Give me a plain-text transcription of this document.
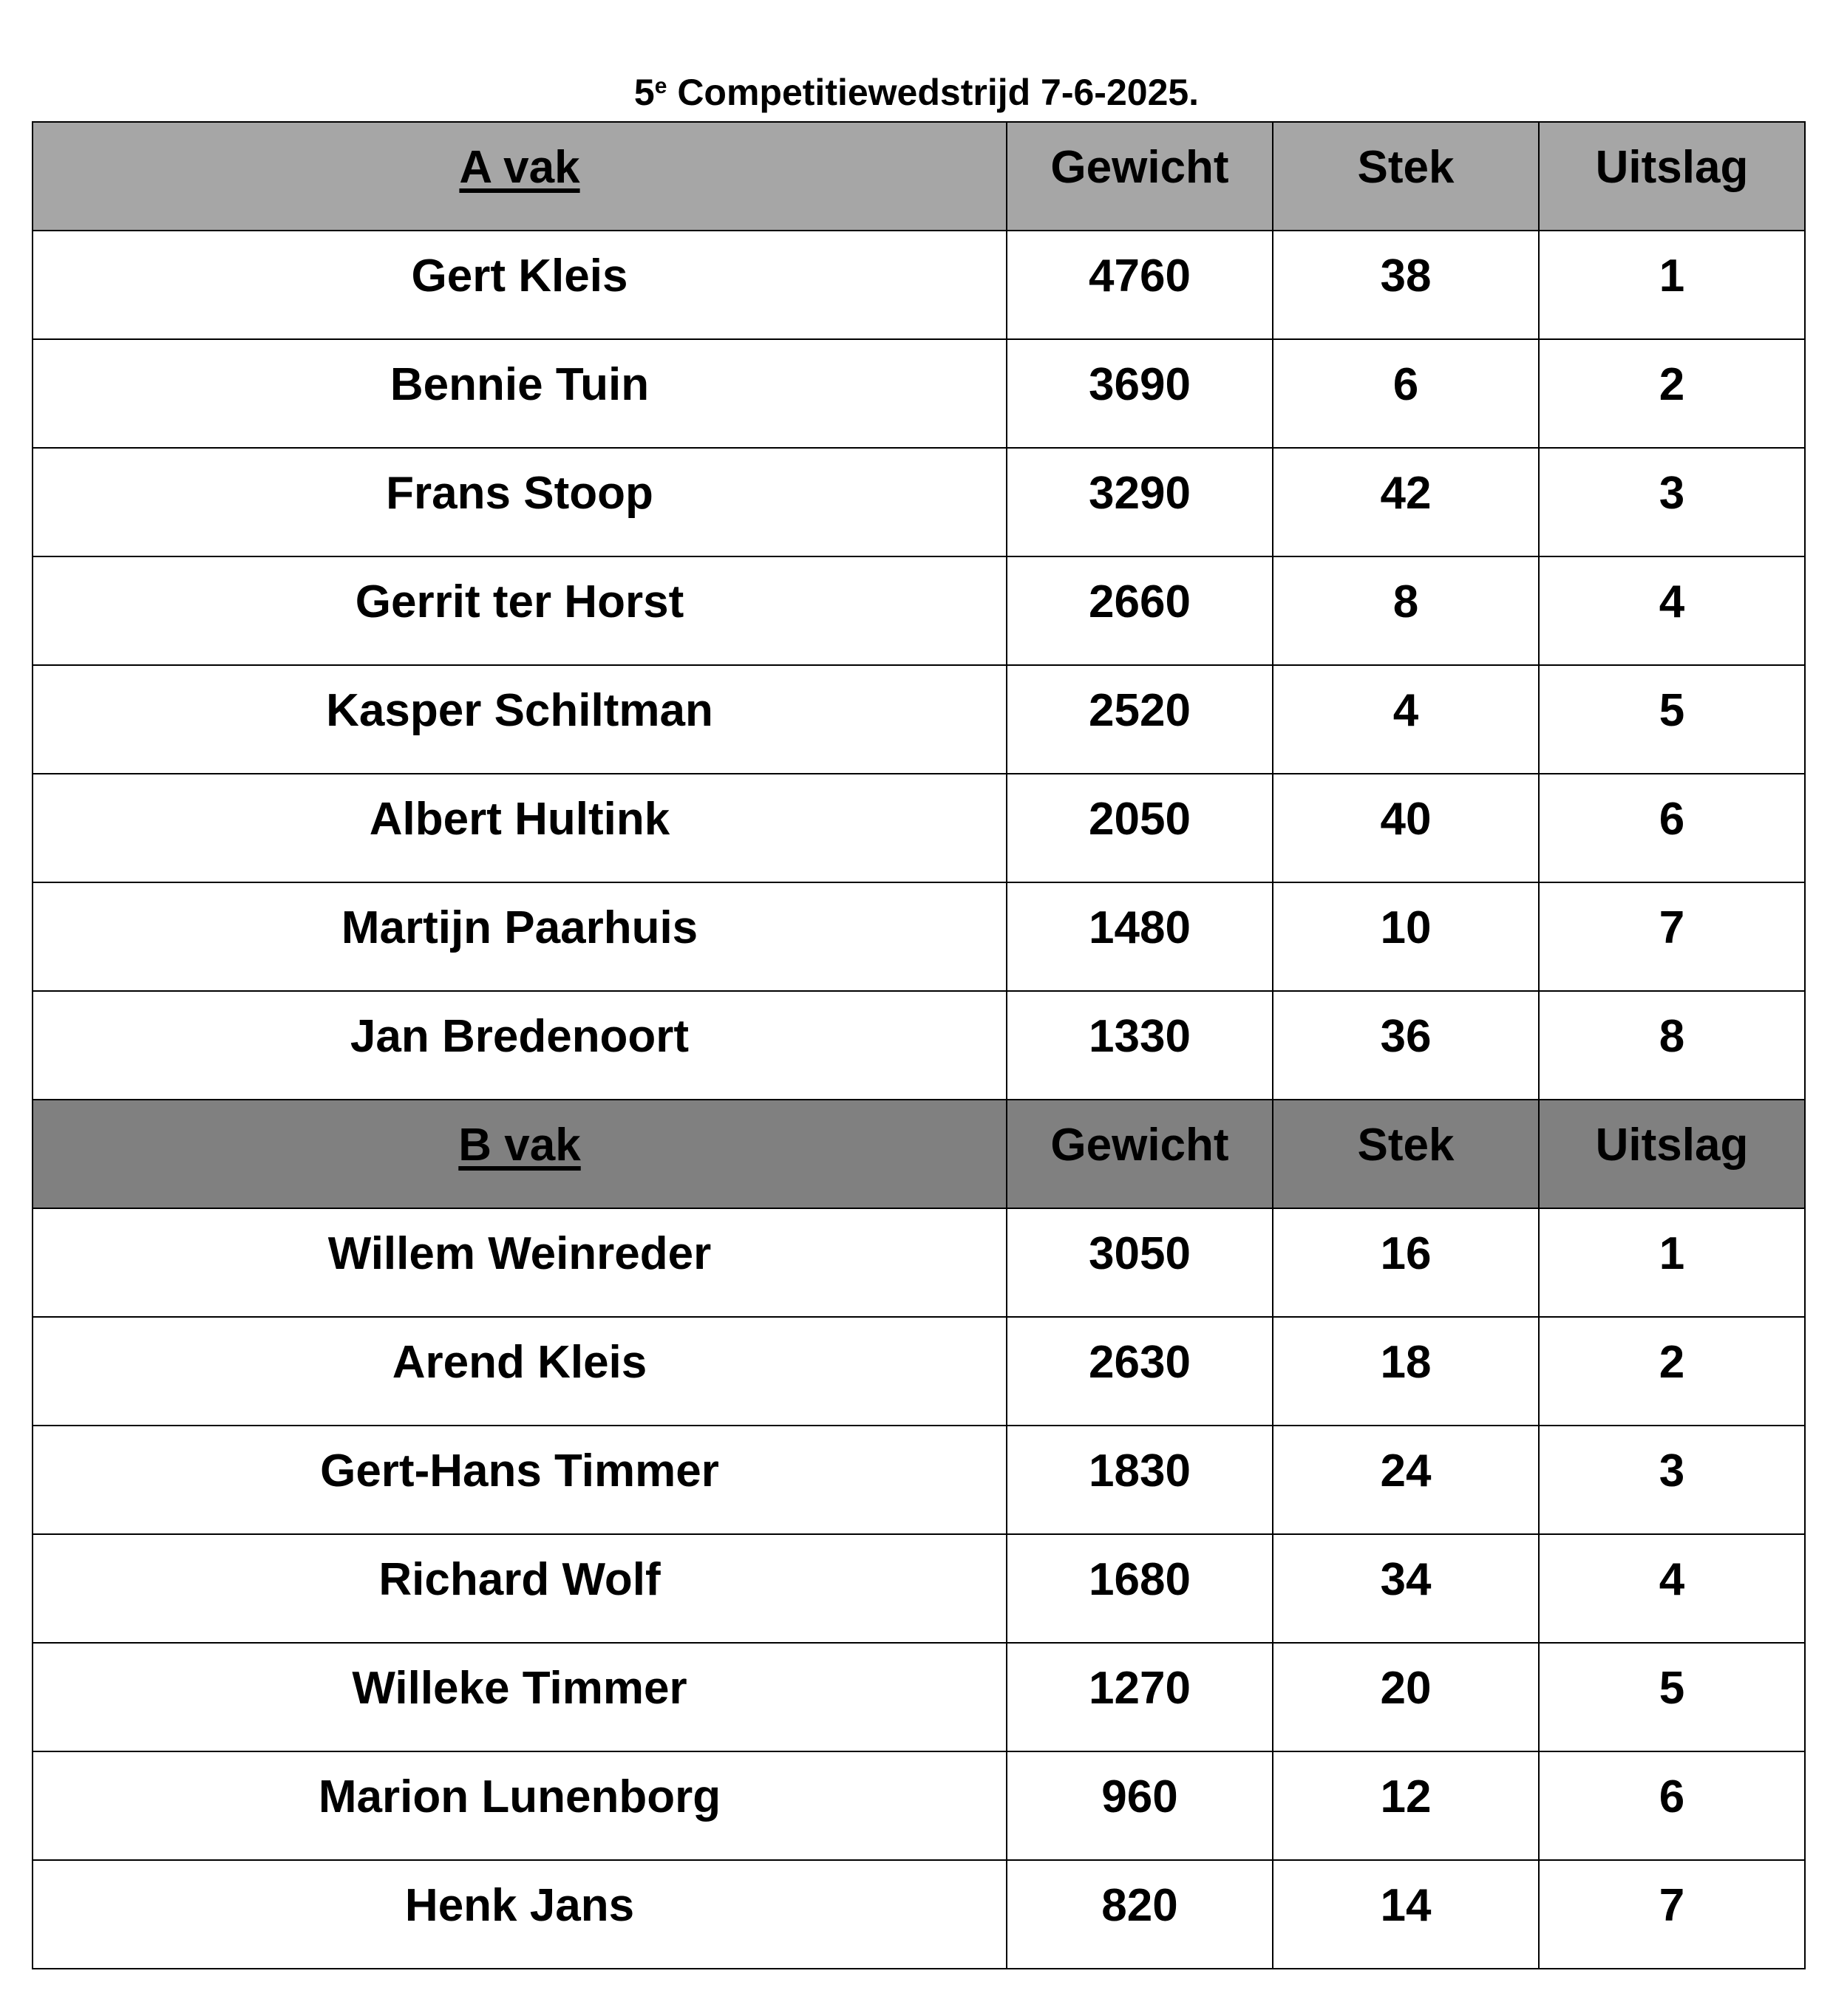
5e Competitiewedstrijd 7-6-2025.
A vak	Gewicht	Stek	Uitslag

Gert Kleis	4760	38	1

Bennie Tuin	3690	6	2

Frans Stoop	3290	42	3

Gerrit ter Horst	2660	8	4

Kasper Schiltman	2520	4	5

Albert Hultink	2050	40	6

Martijn Paarhuis	1480	10	7

Jan Bredenoort	1330	36	8

B vak	Gewicht	Stek	Uitslag

Willem Weinreder	3050	16	1

Arend Kleis	2630	18	2

Gert-Hans Timmer	1830	24	3

Richard Wolf	1680	34	4

Willeke Timmer	1270	20	5

Marion Lunenborg	960	12	6

Henk Jans	820	14	7
